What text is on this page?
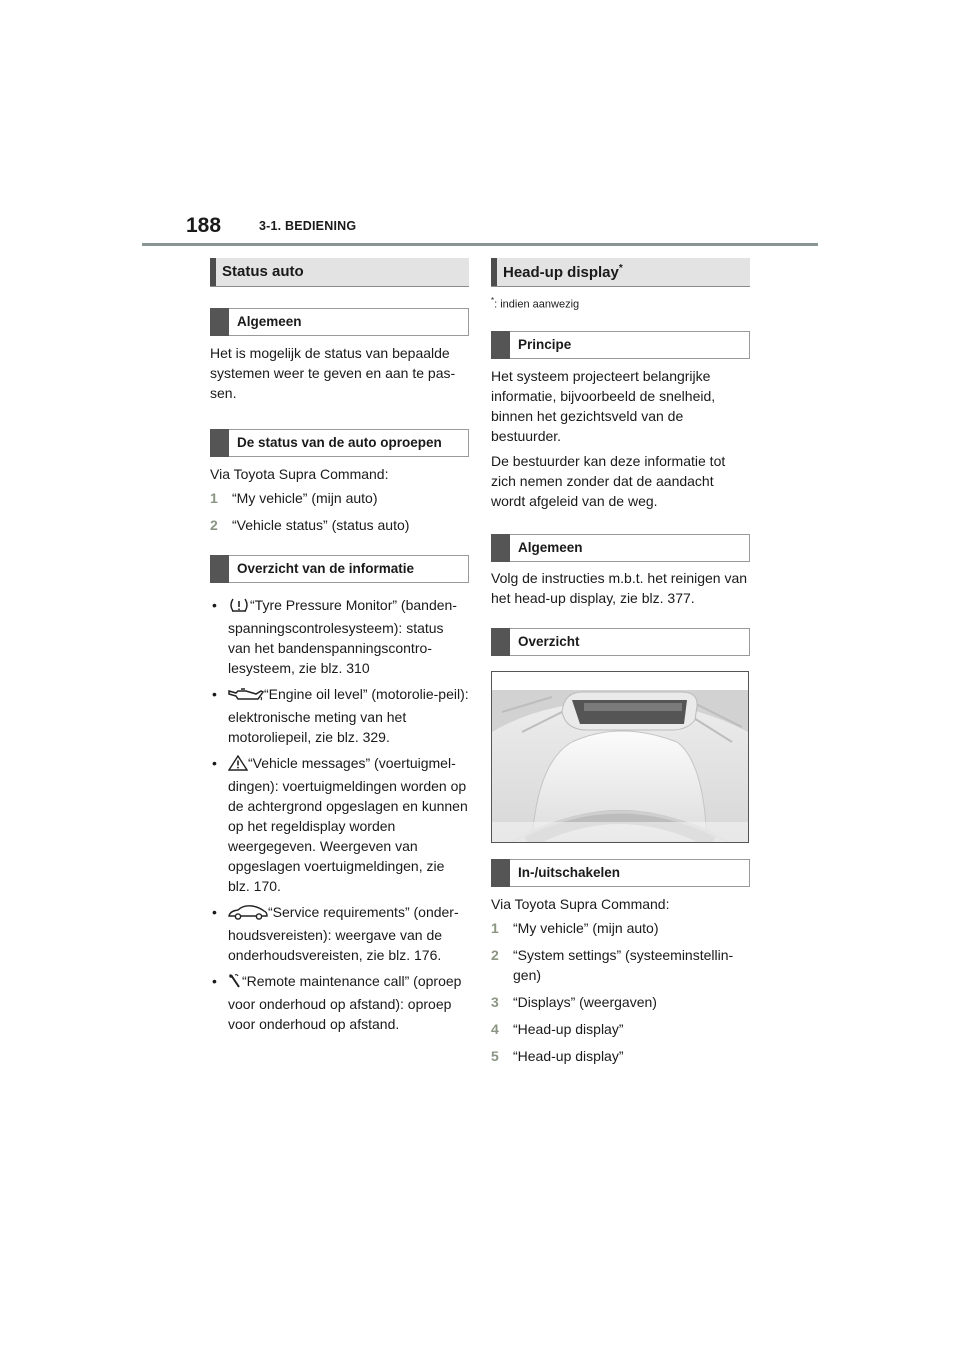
188	3-1. BEDIENING
Status auto
Algemeen

Het is mogelijk de status van bepaalde systemen weer te geven en aan te pas-sen.

De status van de auto oproepen

Via Toyota Supra Command:

1	“My vehicle” (mijn auto)
2	“Vehicle status” (status auto)
Overzicht van de informatie
• “Tyre Pressure Monitor” (banden-spanningscontrolesysteem): status van het bandenspanningscontro-lesysteem, zie blz. 310
•	“Engine oil level” (motorolie-peil): elektronische meting van het motoroliepeil, zie blz. 329.
• “Vehicle messages” (voertuigmel-dingen): voertuigmeldingen worden op de achtergrond opgeslagen en kunnen op het regeldisplay worden weergegeven. Weergeven van opgeslagen voertuigmeldingen, zie blz. 170.
•	“Service requirements” (onder-houdsvereisten): weergave van de onderhoudsvereisten, zie blz. 176.
• “Remote maintenance call” (oproep voor onderhoud op afstand): oproep voor onderhoud op afstand.
Head-up display*

*: indien aanwezig

Principe

Het systeem projecteert belangrijke informatie, bijvoorbeeld de snelheid, binnen het gezichtsveld van de bestuurder.

De bestuurder kan deze informatie tot zich nemen zonder dat de aandacht wordt afgeleid van de weg.

Algemeen

Volg de instructies m.b.t. het reinigen van het head-up display, zie blz. 377.

Overzicht
In-/uitschakelen

Via Toyota Supra Command:

1	“My vehicle” (mijn auto)
2	“System settings” (systeeminstellin-gen)
3	“Displays” (weergaven)
4	“Head-up display”
5	“Head-up display”
